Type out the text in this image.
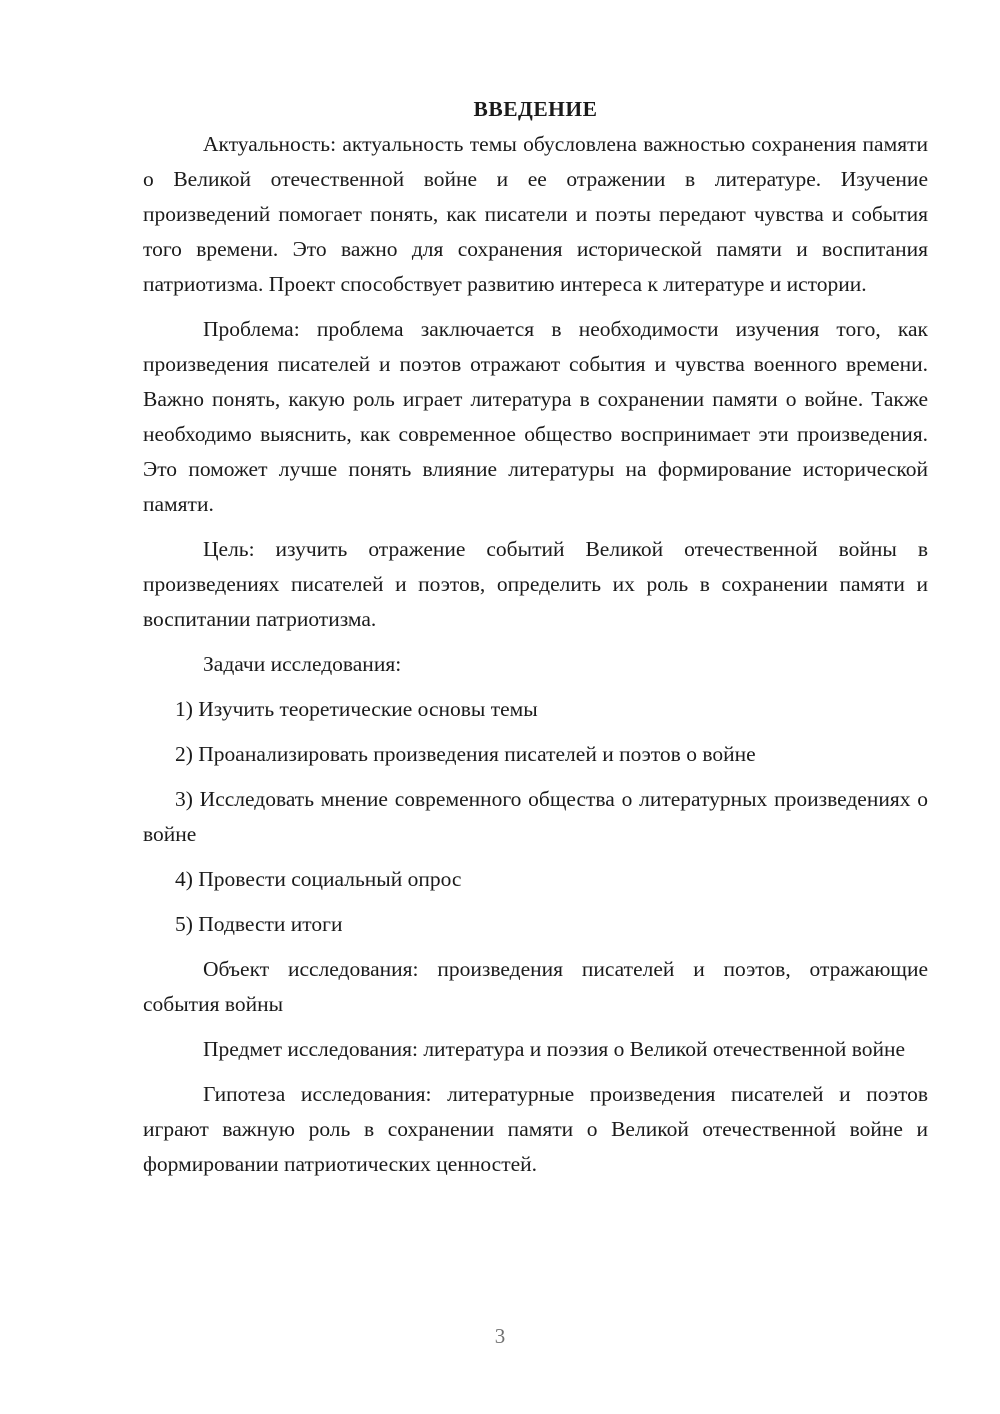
ВВЕДЕНИЕ

Актуальность: актуальность темы обусловлена важностью сохранения памяти о Великой отечественной войне и ее отражении в литературе. Изучение произведений помогает понять, как писатели и поэты передают чувства и события того времени. Это важно для сохранения исторической памяти и воспитания патриотизма. Проект способствует развитию интереса к литературе и истории.

Проблема: проблема заключается в необходимости изучения того, как произведения писателей и поэтов отражают события и чувства военного времени. Важно понять, какую роль играет литература в сохранении памяти о войне. Также необходимо выяснить, как современное общество воспринимает эти произведения. Это поможет лучше понять влияние литературы на формирование исторической памяти.

Цель: изучить отражение событий Великой отечественной войны в произведениях писателей и поэтов, определить их роль в сохранении памяти и воспитании патриотизма.

Задачи исследования:

1) Изучить теоретические основы темы

2) Проанализировать произведения писателей и поэтов о войне

3) Исследовать мнение современного общества о литературных произведениях о войне

4) Провести социальный опрос

5) Подвести итоги

Объект исследования: произведения писателей и поэтов, отражающие события войны

Предмет исследования: литература и поэзия о Великой отечественной войне

Гипотеза исследования: литературные произведения писателей и поэтов играют важную роль в сохранении памяти о Великой отечественной войне и формировании патриотических ценностей.

3
